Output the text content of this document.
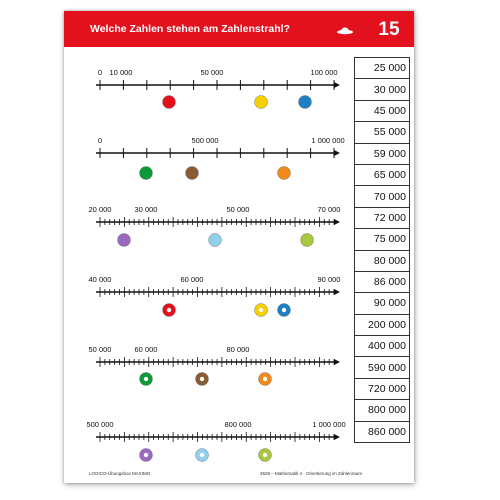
Welche Zahlen stehen am Zahlenstrahl?	15
0 10 000	50 000	100 000
0	500 000	1 000 000
20 000	30 000	50 000	70 000
40 000	60 000	90 000
50 000	60 000	80 000
500 000	800 000	1 000 000
25 000
30 000
45 000
55 000
59 000
65 000
70 000
72 000
75 000
80 000
86 000
90 000
200 000
400 000
590 000
720 000
800 000
860 000
LOGICO-Übungsbox MAXIMO	3629 – Mathematik 4 · Orientierung im Zahlenraum
